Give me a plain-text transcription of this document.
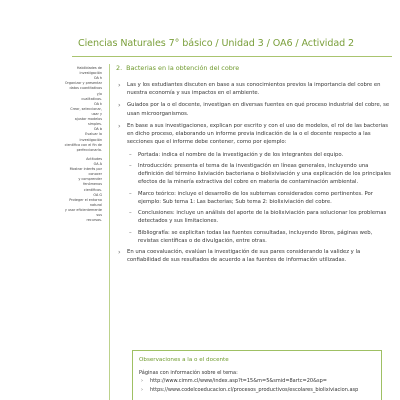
Ciencias Naturales 7° básico / Unidad 3 / OA6 / Actividad 2

Habilidades de

investigación

OA h

Organizar y presentar

datos cuantitativos y/o

cualitativos.

OA k

Crear, seleccionar, usar y

ajustar modelos simples.

OA b

Evaluar la investigación

científica con el fin de

perfeccionarla.

Actitudes

OA A

Mostrar interés por conocer

y comprender fenómenos

científicos.

OA G

Proteger el entorno natural

y usar eficientemente sus

recursos.

2. Bacterias en la obtención del cobre
› Las y los estudiantes discuten en base a sus conocimientos previos la importancia del cobre en nuestra economía y sus impactos en el ambiente.
› Guiados por la o el docente, investigan en diversas fuentes en qué proceso industrial del cobre, se usan microorganismos.
› En base a sus investigaciones, explican por escrito y con el uso de modelos, el rol de las bacterias en dicho proceso, elaborando un informe previa indicación de la o el docente respecto a las secciones que el informe debe contener, como por ejemplo:
– Portada: indica el nombre de la investigación y de los integrantes del equipo.
– Introducción: presenta el tema de la investigación en líneas generales, incluyendo una definición del término lixiviación bacteriana o biolixiviación y una explicación de los principales efectos de la minería extractiva del cobre en materia de contaminación ambiental.
– Marco teórico: incluye el desarrollo de los subtemas considerados como pertinentes. Por ejemplo: Sub tema 1: Las bacterias; Sub tema 2: biolixiviación del cobre.
– Conclusiones: incluye un análisis del aporte de la biolixiviación para solucionar los problemas detectados y sus limitaciones.
– Bibliografía: se explicitan todas las fuentes consultadas, incluyendo libros, páginas web, revistas científicas o de divulgación, entre otras.
› En una coevaluación, evalúan la investigación de sus pares considerando la validez y la confiabilidad de sus resultados de acuerdo a las fuentes de información utilizadas.
Observaciones a la o el docente
Páginas con información sobre el tema:
› http://www.cimm.cl/www/index.asp?t=15&m=5&smid=8artc=20&sp=
› https://www.codelcoeducacion.cl/procesos_productivos/escolares_biolixiviacion.asp
